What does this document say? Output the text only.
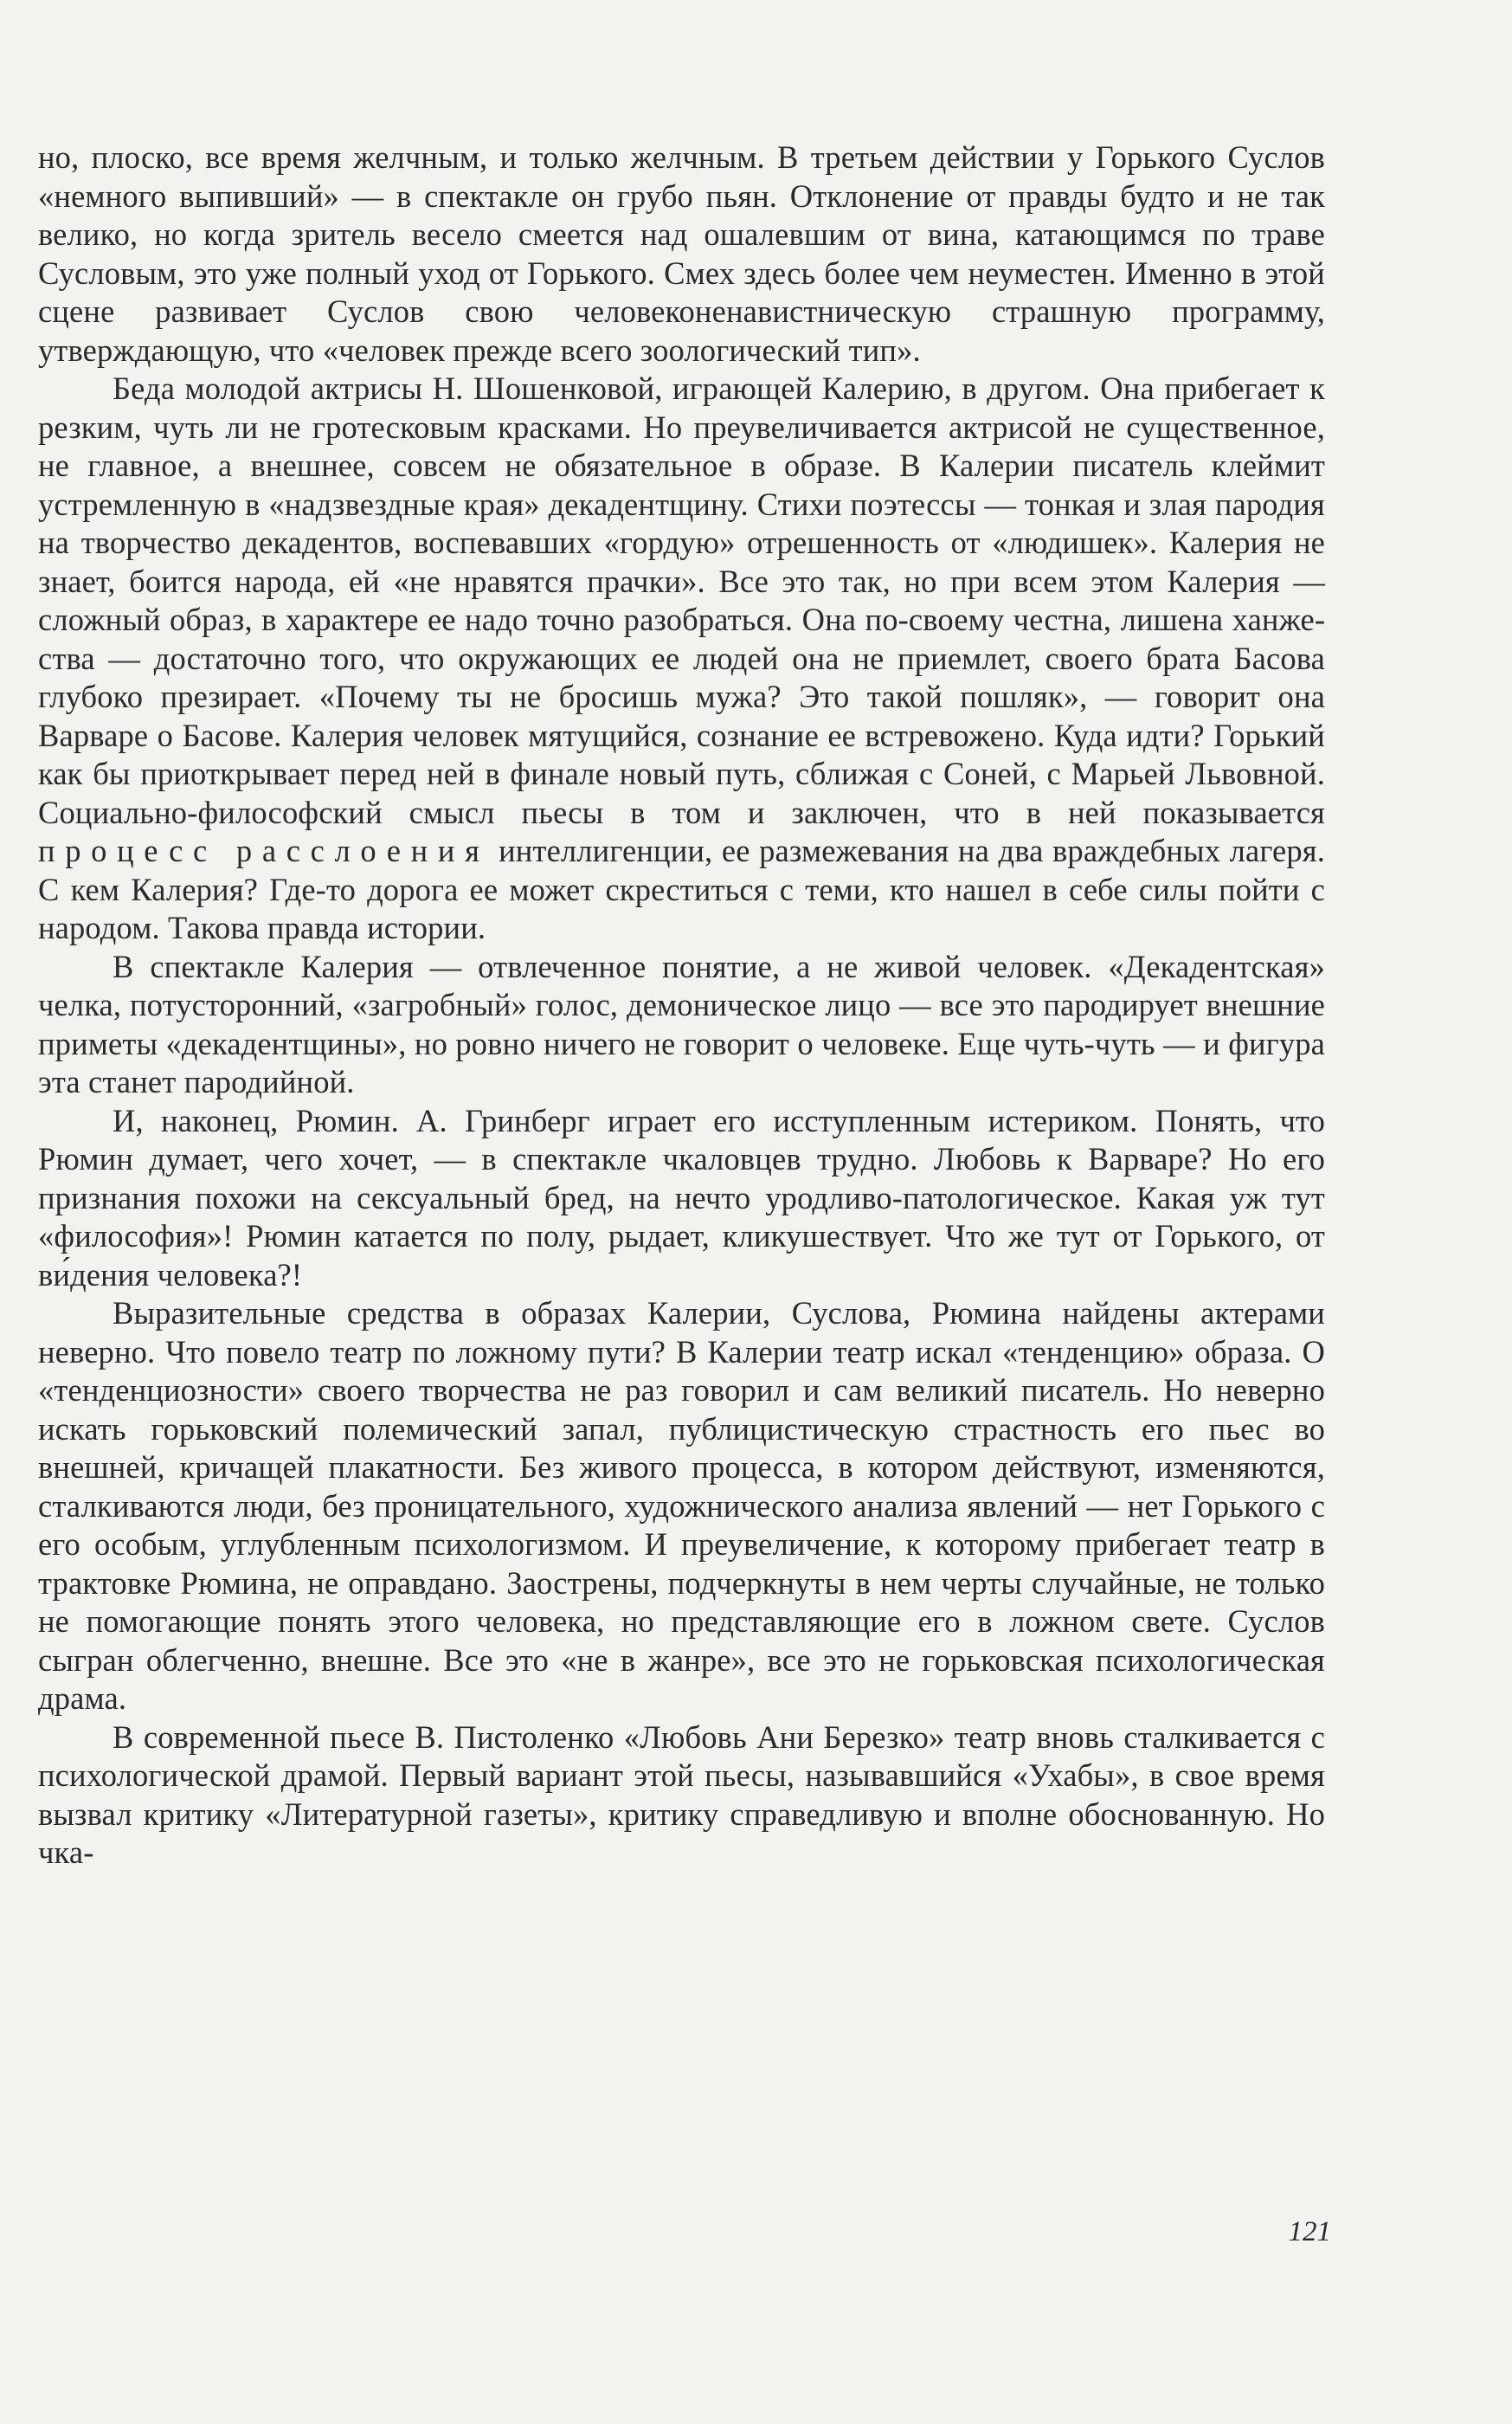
но, плоско, все время желчным, и только желчным. В третьем действии у Горького Суслов «немного выпивший» — в спектакле он грубо пьян. Отклонение от правды будто и не так велико, но когда зритель весело смеется над ошалевшим от вина, катающимся по траве Сусловым, это уже полный уход от Горького. Смех здесь более чем неуместен. Именно в этой сцене развивает Суслов свою человеконенавистническую страшную программу, утверждающую, что «человек прежде всего зоологический тип».

Беда молодой актрисы Н. Шошенковой, играющей Калерию, в другом. Она прибегает к резким, чуть ли не гротесковым красками. Но преувеличивается актрисой не существенное, не главное, а внешнее, совсем не обязательное в образе. В Калерии писатель клеймит устремленную в «надзвездные края» декадентщину. Стихи поэтессы — тонкая и злая пародия на творчество декадентов, воспевавших «гордую» отрешенность от «людишек». Калерия не знает, боится народа, ей «не нравятся прачки». Все это так, но при всем этом Калерия — сложный образ, в характере ее надо точно разобраться. Она по-своему честна, лишена ханжества — достаточно того, что окружающих ее людей она не приемлет, своего брата Басова глубоко презирает. «Почему ты не бросишь мужа? Это такой пошляк», — говорит она Варваре о Басове. Калерия человек мятущийся, сознание ее встревожено. Куда идти? Горький как бы приоткрывает перед ней в финале новый путь, сближая с Соней, с Марьей Львовной. Социально-философский смысл пьесы в том и заключен, что в ней показывается процесс расслоения интеллигенции, ее размежевания на два враждебных лагеря. С кем Калерия? Где-то дорога ее может скреститься с теми, кто нашел в себе силы пойти с народом. Такова правда истории.

В спектакле Калерия — отвлеченное понятие, а не живой человек. «Декадентская» челка, потусторонний, «загробный» голос, демоническое лицо — все это пародирует внешние приметы «декадентщины», но ровно ничего не говорит о человеке. Еще чуть-чуть — и фигура эта станет пародийной.

И, наконец, Рюмин. А. Гринберг играет его исступленным истериком. Понять, что Рюмин думает, чего хочет, — в спектакле чкаловцев трудно. Любовь к Варваре? Но его признания похожи на сексуальный бред, на нечто уродливо-патологическое. Какая уж тут «философия»! Рюмин катается по полу, рыдает, кликушествует. Что же тут от Горького, от ви́дения человека?!

Выразительные средства в образах Калерии, Суслова, Рюмина найдены актерами неверно. Что повело театр по ложному пути? В Калерии театр искал «тенденцию» образа. О «тенденциозности» своего творчества не раз говорил и сам великий писатель. Но неверно искать горьковский полемический запал, публицистическую страстность его пьес во внешней, кричащей плакатности. Без живого процесса, в котором действуют, изменяются, сталкиваются люди, без проницательного, художнического анализа явлений — нет Горького с его особым, углубленным психологизмом. И преувеличение, к которому прибегает театр в трактовке Рюмина, не оправдано. Заострены, подчеркнуты в нем черты случайные, не только не помогающие понять этого человека, но представляющие его в ложном свете. Суслов сыгран облегченно, внешне. Все это «не в жанре», все это не горьковская психологическая драма.

В современной пьесе В. Пистоленко «Любовь Ани Березко» театр вновь сталкивается с психологической драмой. Первый вариант этой пьесы, называвшийся «Ухабы», в свое время вызвал критику «Литературной газеты», критику справедливую и вполне обоснованную. Но чка-

121
